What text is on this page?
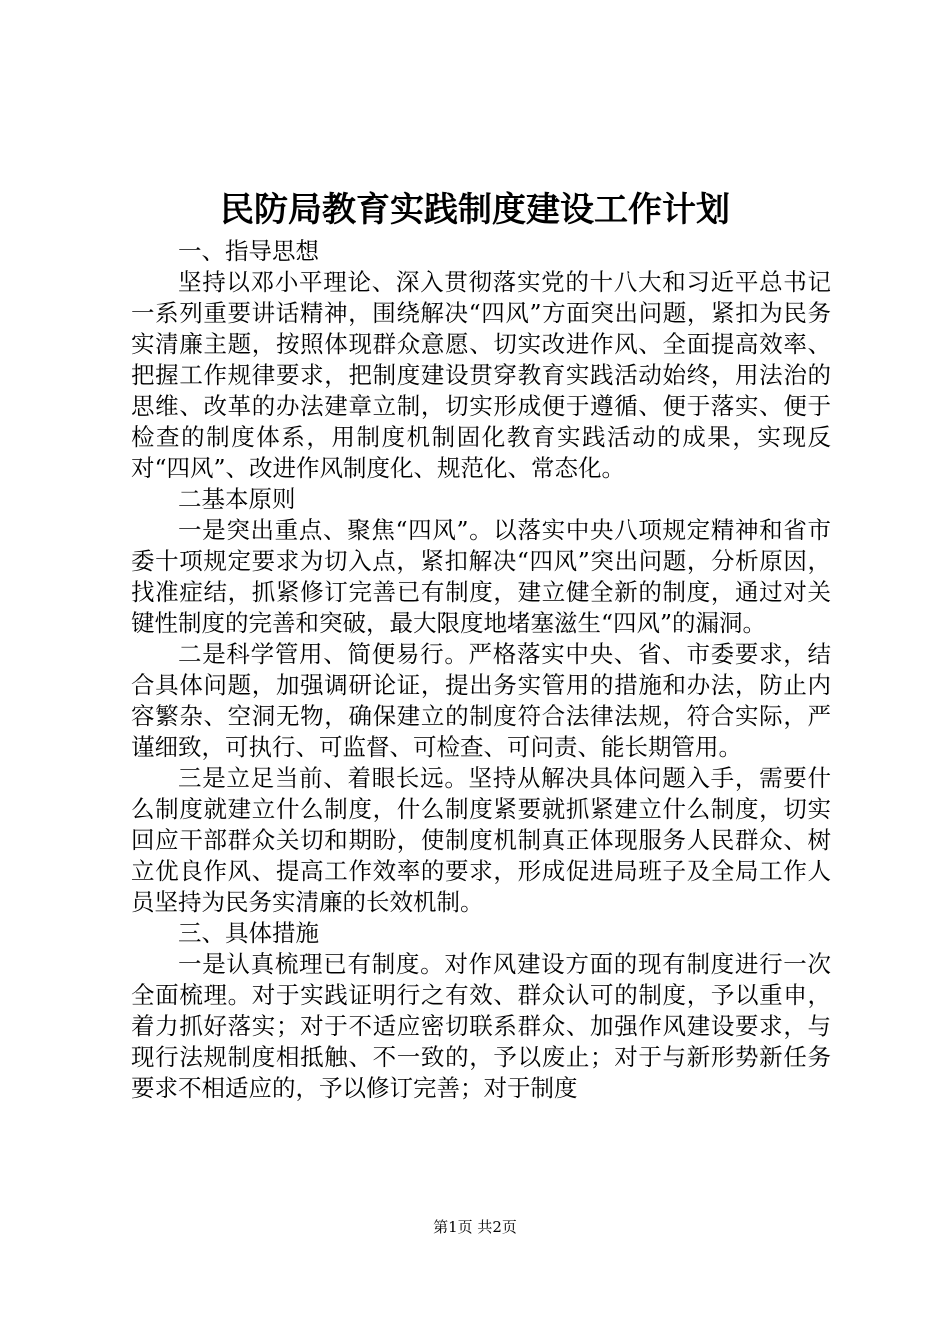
民防局教育实践制度建设工作计划

一、指导思想

坚持以邓小平理论、深入贯彻落实党的十八大和习近平总书记一系列重要讲话精神，围绕解决“四风”方面突出问题，紧扣为民务实清廉主题，按照体现群众意愿、切实改进作风、全面提高效率、把握工作规律要求，把制度建设贯穿教育实践活动始终，用法治的思维、改革的办法建章立制，切实形成便于遵循、便于落实、便于检查的制度体系，用制度机制固化教育实践活动的成果，实现反对“四风”、改进作风制度化、规范化、常态化。

二基本原则

一是突出重点、聚焦“四风”。以落实中央八项规定精神和省市委十项规定要求为切入点，紧扣解决“四风”突出问题，分析原因，找准症结，抓紧修订完善已有制度，建立健全新的制度，通过对关键性制度的完善和突破，最大限度地堵塞滋生“四风”的漏洞。

二是科学管用、简便易行。严格落实中央、省、市委要求，结合具体问题，加强调研论证，提出务实管用的措施和办法，防止内容繁杂、空洞无物，确保建立的制度符合法律法规，符合实际，严谨细致，可执行、可监督、可检查、可问责、能长期管用。

三是立足当前、着眼长远。坚持从解决具体问题入手，需要什么制度就建立什么制度，什么制度紧要就抓紧建立什么制度，切实回应干部群众关切和期盼，使制度机制真正体现服务人民群众、树立优良作风、提高工作效率的要求，形成促进局班子及全局工作人员坚持为民务实清廉的长效机制。

三、具体措施

一是认真梳理已有制度。对作风建设方面的现有制度进行一次全面梳理。对于实践证明行之有效、群众认可的制度，予以重申，着力抓好落实；对于不适应密切联系群众、加强作风建设要求，与现行法规制度相抵触、不一致的，予以废止；对于与新形势新任务要求不相适应的，予以修订完善；对于制度

第1页 共2页
